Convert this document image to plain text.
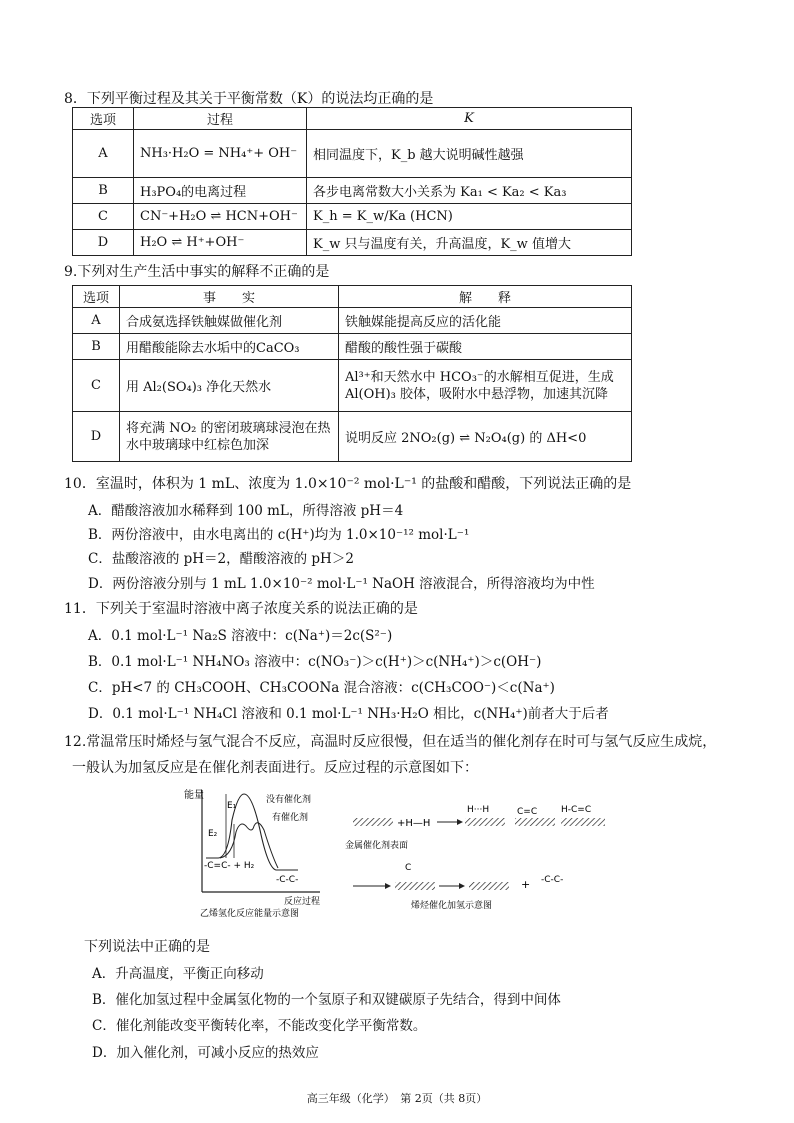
8．下列平衡过程及其关于平衡常数（K）的说法均正确的是
选项	过程	K
A	NH₃·H₂O = NH₄⁺+ OH⁻	相同温度下，K_b 越大说明碱性越强
B	H₃PO₄的电离过程	各步电离常数大小关系为 Ka₁ < Ka₂ < Ka₃
C	CN⁻+H₂O ⇌ HCN+OH⁻	K_h = K_w/Ka (HCN)
D	H₂O ⇌ H⁺+OH⁻	K_w 只与温度有关，升高温度，K_w 值增大
9.下列对生产生活中事实的解释不正确的是
选项	事　　实	解　　释
A	合成氨选择铁触媒做催化剂	铁触媒能提高反应的活化能
B	用醋酸能除去水垢中的CaCO₃	醋酸的酸性强于碳酸
C	用 Al₂(SO₄)₃ 净化天然水	Al³⁺和天然水中 HCO₃⁻的水解相互促进，生成 Al(OH)₃ 胶体，吸附水中悬浮物，加速其沉降
D	将充满 NO₂ 的密闭玻璃球浸泡在热水中玻璃球中红棕色加深	说明反应 2NO₂(g) ⇌ N₂O₄(g) 的 ΔH<0
10．室温时，体积为 1 mL、浓度为 1.0×10⁻² mol·L⁻¹ 的盐酸和醋酸，下列说法正确的是
A．醋酸溶液加水稀释到 100 mL，所得溶液 pH＝4
B．两份溶液中，由水电离出的 c(H⁺)均为 1.0×10⁻¹² mol·L⁻¹
C．盐酸溶液的 pH＝2，醋酸溶液的 pH＞2
D．两份溶液分别与 1 mL 1.0×10⁻² mol·L⁻¹ NaOH 溶液混合，所得溶液均为中性
11．下列关于室温时溶液中离子浓度关系的说法正确的是
A．0.1 mol·L⁻¹ Na₂S 溶液中：c(Na⁺)＝2c(S²⁻)
B．0.1 mol·L⁻¹ NH₄NO₃ 溶液中：c(NO₃⁻)＞c(H⁺)＞c(NH₄⁺)＞c(OH⁻)
C．pH<7 的 CH₃COOH、CH₃COONa 混合溶液：c(CH₃COO⁻)＜c(Na⁺)
D．0.1 mol·L⁻¹ NH₄Cl 溶液和 0.1 mol·L⁻¹ NH₃·H₂O 相比，c(NH₄⁺)前者大于后者
12.常温常压时烯烃与氢气混合不反应，高温时反应很慢，但在适当的催化剂存在时可与氢气反应生成烷，
一般认为加氢反应是在催化剂表面进行。反应过程的示意图如下：
能量
E₁
E₂
没有催化剂
有催化剂
-C=C- + H₂
-C-C-
反应过程
乙烯氢化反应能量示意图
+H—H
H···H	C=C	H-C=C
金属催化剂表面
C
+ -C-C-
烯烃催化加氢示意图
下列说法中正确的是
A．升高温度，平衡正向移动
B．催化加氢过程中金属氢化物的一个氢原子和双键碳原子先结合，得到中间体
C．催化剂能改变平衡转化率，不能改变化学平衡常数。
D．加入催化剂，可减小反应的热效应
高三年级（化学）　第 2页（共 8页）
